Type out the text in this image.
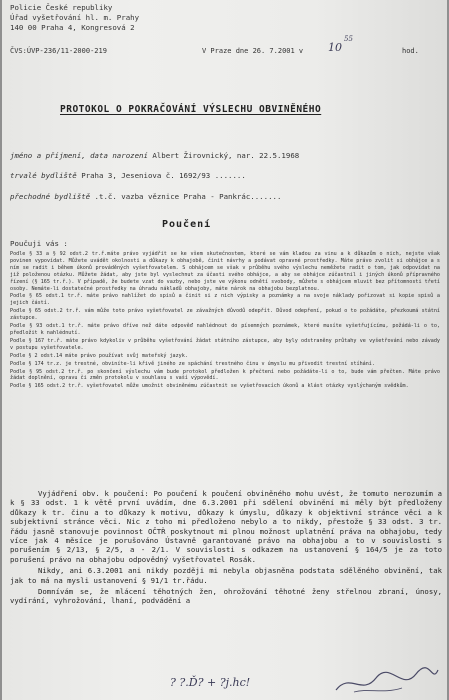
Policie České republiky
Úřad vyšetřování hl. m. Prahy
140 00 Praha 4, Kongresová 2
ČVS:ÚVP-236/11-2000-219	V Praze dne 26. 7.2001 v 10
55
hod.
PROTOKOL O POKRAČOVÁNÍ VÝSLECHU OBVINĚNÉHO
jméno a příjmení, data narození Albert Žirovnický, nar. 22.5.1968
trvalé bydliště Praha 3, Jeseniova č. 1692/93 .......
přechodné bydliště .t.č. vazba věznice Praha - Pankrác.......
Poučení
Poučuji vás :

Podle § 33 a § 92 odst.2 tr.ř.máte právo vyjádřit se ke všem skutečnostem, které se vám kladou za vinu a k důkazům o nich, nejste však povinen vypovídat. Můžete uvádět okolnosti a důkazy k obhajobě, činit návrhy a podávat opravné prostředky. Máte právo zvolit si obhájce a s ním se radit i během úkonů prováděných vyšetřovatelem. S obhájcem se však v průběhu svého výslechu neměžete radit o tom, jak odpovídat na již položenou otázku. Můžete žádat, aby jste byl vyslechnut za účasti svého obhájce, a aby se obhájce zúčastnil i jiných úkonů přípravného řízení (§ 165 tr.ř.). V případě, že budete vzat do vazby, nebo jste ve výkonu odnětí svobody, můžete s obhájcem mluvit bez přítomnosti třetí osoby. Nemáte-li dostatečné prostředky na úhradu nákladů obhajoby, máte nárok na obhajobu bezplatnou.

Podle § 65 odst.1 tr.ř. máte právo nahlížet do spisů a činit si z nich výpisky a poznámky a na svoje náklady pořizovat si kopie spisů a jejich částí.

Podle § 65 odst.2 tr.ř. vám může toto právo vyšetřovatel ze závažných důvodů odepřít. Důvod odepření, pokud o to požádáte, přezkoumá státní zástupce.

Podle § 93 odst.1 tr.ř. máte právo dříve než dáte odpověď nahlédnout do písemných poznámek, které musíte vyšetřujícímu, požádá-li o to, předložit k nahlédnutí.

Podle § 167 tr.ř. máte právo kdykoliv v průběhu vyšetřování žádat státního zástupce, aby byly odstraněny průtahy ve vyšetřování nebo závady v postupu vyšetřovatele.

Podle § 2 odst.14 máte právo používat svůj mateřský jazyk.

Podle § 174 tr.z. je trestné, obviníte-li křivě jiného ze spáchání trestného činu v úmyslu mu přivodit trestní stíhání.

Podle § 95 odst.2 tr.ř. po skončení výslechu vám bude protokol předložen k přečtení nebo požádáte-li o to, bude vám přečten. Máte právo žádat doplnění, opravu či změn protokolu v souhlasu s vaší výpovědí.

Podle § 165 odst.2 tr.ř. vyšetřovatel může umožnit obviněnému zúčastnit se vyšetřovacích úkonů a klást otázky vyslýchaným svědkům.

Vyjádření obv. k poučení: Po poučení k poučení obviněného mohu uvést, že tomuto nerozumím a k § 33 odst. 1 k větě první uvádím, dne 6.3.2001 při sdělení obvinění mi měly být předloženy důkazy k tr. činu a to důkazy k motivu, důkazy k úmyslu, důkazy k objektivní stránce věci a k subjektivní stránce věci. Nic z toho mi předloženo nebylo a to nikdy, přestože § 33 odst. 3 tr. řádu jasně stanovuje povinnost OČTŘ poskytnout mi plnou možnost uplatnění práva na obhajobu, tedy více jak 4 měsíce je porušováno Ústavně garantované právo na obhajobu a to v souvislosti s porušením § 2/13, § 2/5, a - 2/1. V souvislosti s odkazem na ustanovení § 164/5 je za toto porušení právo na obhajobu odpovědný vyšetřovatel Rosák.

Nikdy, ani 6.3.2001 ani nikdy později mi nebyla objasněna podstata sdělěného obvinění, tak jak to má na mysli ustanovení § 91/1 tr.řádu.

Domnívám se, že mlácení těhotných žen, ohrožování těhotné ženy střelnou zbraní, únosy, vydírání, vyhrožování, lhaní, podvádění a

? ?.Ď? + ?j.hc!
